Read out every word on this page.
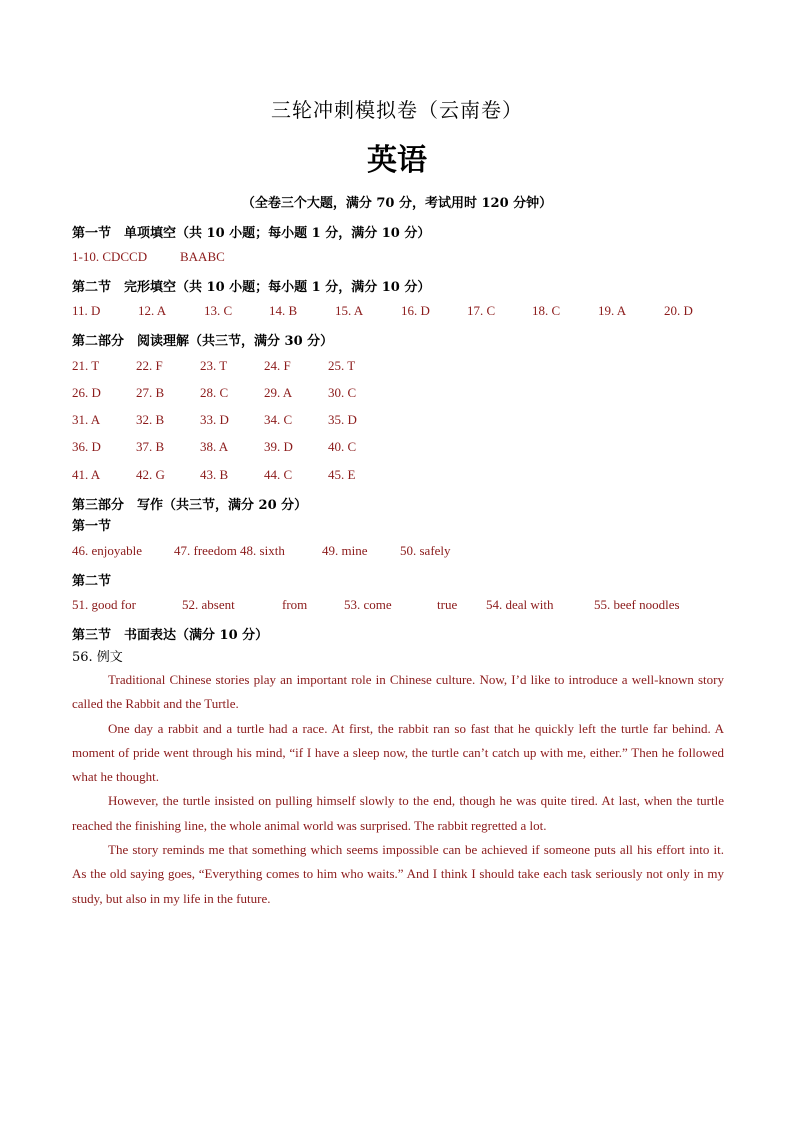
三轮冲刺模拟卷（云南卷）
英语
（全卷三个大题，满分 70 分，考试用时 120 分钟）
第一节　单项填空（共 10 小题；每小题 1 分，满分 10 分）
1-10. CDCCD	BAABC
第二节　完形填空（共 10 小题；每小题 1 分，满分 10 分）
11. D	12. A	13. C	14. B	15. A	16. D	17. C	18. C	19. A	20. D
第二部分　阅读理解（共三节，满分 30 分）
21. T	22. F	23. T	24. F	25. T
26. D	27. B	28. C	29. A	30. C
31. A	32. B	33. D	34. C	35. D
36. D	37. B	38. A	39. D	40. C
41. A	42. G	43. B	44. C	45. E
第三部分　写作（共三节，满分 20 分）
第一节
46. enjoyable 47. freedom 48. sixth	49. mine	50. safely
第二节
51. good for	52. absent	from	53. come	true 54. deal with	55. beef noodles
第三节　书面表达（满分 10 分）
56. 例文

Traditional Chinese stories play an important role in Chinese culture. Now, I’d like to introduce a well-known story called the Rabbit and the Turtle.

One day a rabbit and a turtle had a race. At first, the rabbit ran so fast that he quickly left the turtle far behind. A moment of pride went through his mind, “if I have a sleep now, the turtle can’t catch up with me, either.” Then he followed what he thought.

However, the turtle insisted on pulling himself slowly to the end, though he was quite tired. At last, when the turtle reached the finishing line, the whole animal world was surprised. The rabbit regretted a lot.

The story reminds me that something which seems impossible can be achieved if someone puts all his effort into it. As the old saying goes, “Everything comes to him who waits.” And I think I should take each task seriously not only in my study, but also in my life in the future.
